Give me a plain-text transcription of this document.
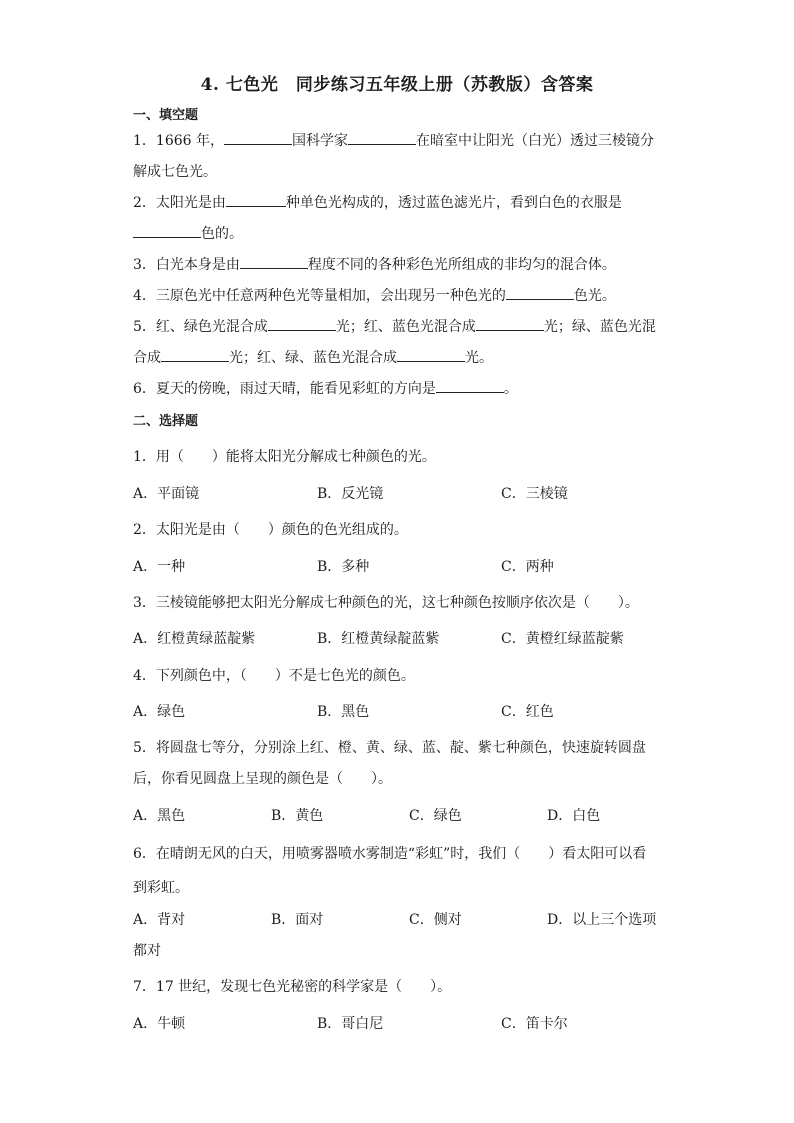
4. 七色光　同步练习五年级上册（苏教版）含答案
一、填空题
1．1666 年，	国科学家	在暗室中让阳光（白光）透过三棱镜分
解成七色光。
2．太阳光是由	种单色光构成的，透过蓝色滤光片，看到白色的衣服是
色的。
3．白光本身是由	程度不同的各种彩色光所组成的非均匀的混合体。
4．三原色光中任意两种色光等量相加，会出现另一种色光的	色光。
5．红、绿色光混合成	光；红、蓝色光混合成	光；绿、蓝色光混
合成	光；红、绿、蓝色光混合成	光。
6．夏天的傍晚，雨过天晴，能看见彩虹的方向是	。
二、选择题
1．用（　　）能将太阳光分解成七种颜色的光。
A．平面镜	B．反光镜	C．三棱镜
2．太阳光是由（　　）颜色的色光组成的。
A．一种	B．多种	C．两种
3．三棱镜能够把太阳光分解成七种颜色的光，这七种颜色按顺序依次是（　　）。
A．红橙黄绿蓝靛紫	B．红橙黄绿靛蓝紫	C．黄橙红绿蓝靛紫
4．下列颜色中，（　　）不是七色光的颜色。
A．绿色	B．黑色	C．红色
5．将圆盘七等分，分别涂上红、橙、黄、绿、蓝、靛、紫七种颜色，快速旋转圆盘
后，你看见圆盘上呈现的颜色是（　　）。
A．黑色	B．黄色	C．绿色	D．白色
6．在晴朗无风的白天，用喷雾器喷水雾制造“彩虹”时，我们（　　）看太阳可以看
到彩虹。
A．背对	B．面对	C．侧对	D．以上三个选项
都对
7．17 世纪，发现七色光秘密的科学家是（　　）。
A．牛顿	B．哥白尼	C．笛卡尔
